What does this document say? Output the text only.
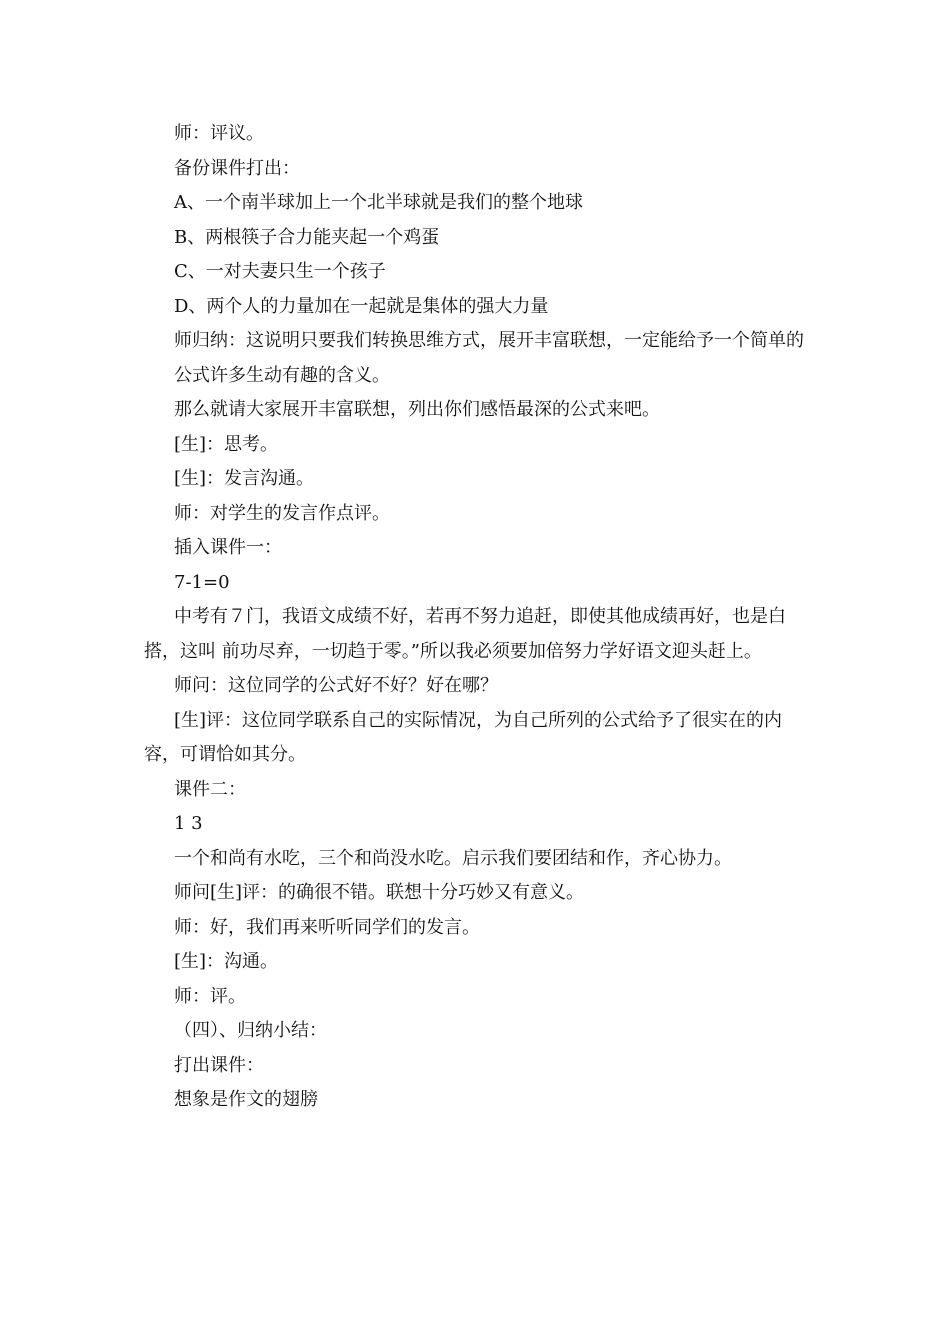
师：评议。

备份课件打出：

A、一个南半球加上一个北半球就是我们的整个地球

B、两根筷子合力能夹起一个鸡蛋

C、一对夫妻只生一个孩子

D、两个人的力量加在一起就是集体的强大力量

师归纳：这说明只要我们转换思维方式，展开丰富联想，一定能给予一个简单的

公式许多生动有趣的含义。

那么就请大家展开丰富联想，列出你们感悟最深的公式来吧。

[生]：思考。

[生]：发言沟通。

师：对学生的发言作点评。

插入课件一：

7-1=0

中考有７门，我语文成绩不好，若再不努力追赶，即使其他成绩再好，也是白搭，这叫 前功尽弃，一切趋于零。”所以我必须要加倍努力学好语文迎头赶上。

师问：这位同学的公式好不好？好在哪？

[生]评：这位同学联系自己的实际情况，为自己所列的公式给予了很实在的内容，可谓恰如其分。

课件二：

1 3

一个和尚有水吃，三个和尚没水吃。启示我们要团结和作，齐心协力。

师问[生]评：的确很不错。联想十分巧妙又有意义。

师：好，我们再来听听同学们的发言。

[生]：沟通。

师：评。

（四）、归纳小结：

打出课件：

想象是作文的翅膀
